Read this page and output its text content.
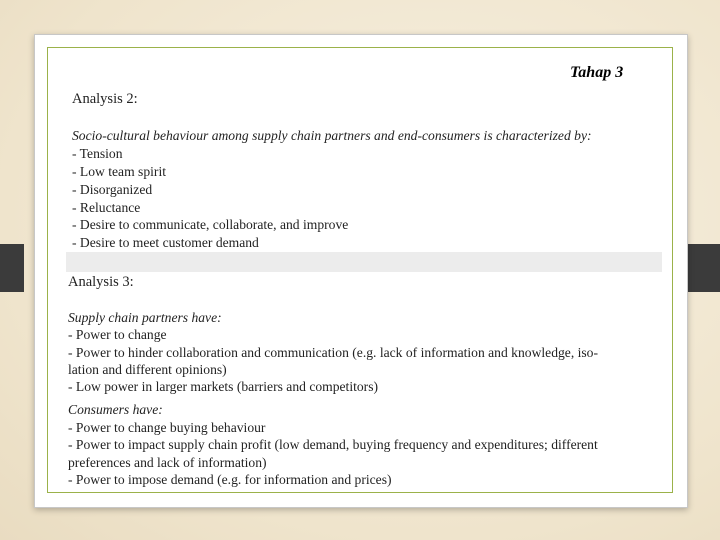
Tahap 3
Analysis 2:
Socio-cultural behaviour among supply chain partners and end-consumers is characterized by:
- Tension
- Low team spirit
- Disorganized
- Reluctance
- Desire to communicate, collaborate, and improve
- Desire to meet customer demand
Analysis 3:
Supply chain partners have:
- Power to change
- Power to hinder collaboration and communication (e.g. lack of information and knowledge, iso-
lation and different opinions)
- Low power in larger markets (barriers and competitors)
Consumers have:
- Power to change buying behaviour
- Power to impact supply chain profit (low demand, buying frequency and expenditures; different
preferences and lack of information)
- Power to impose demand (e.g. for information and prices)
